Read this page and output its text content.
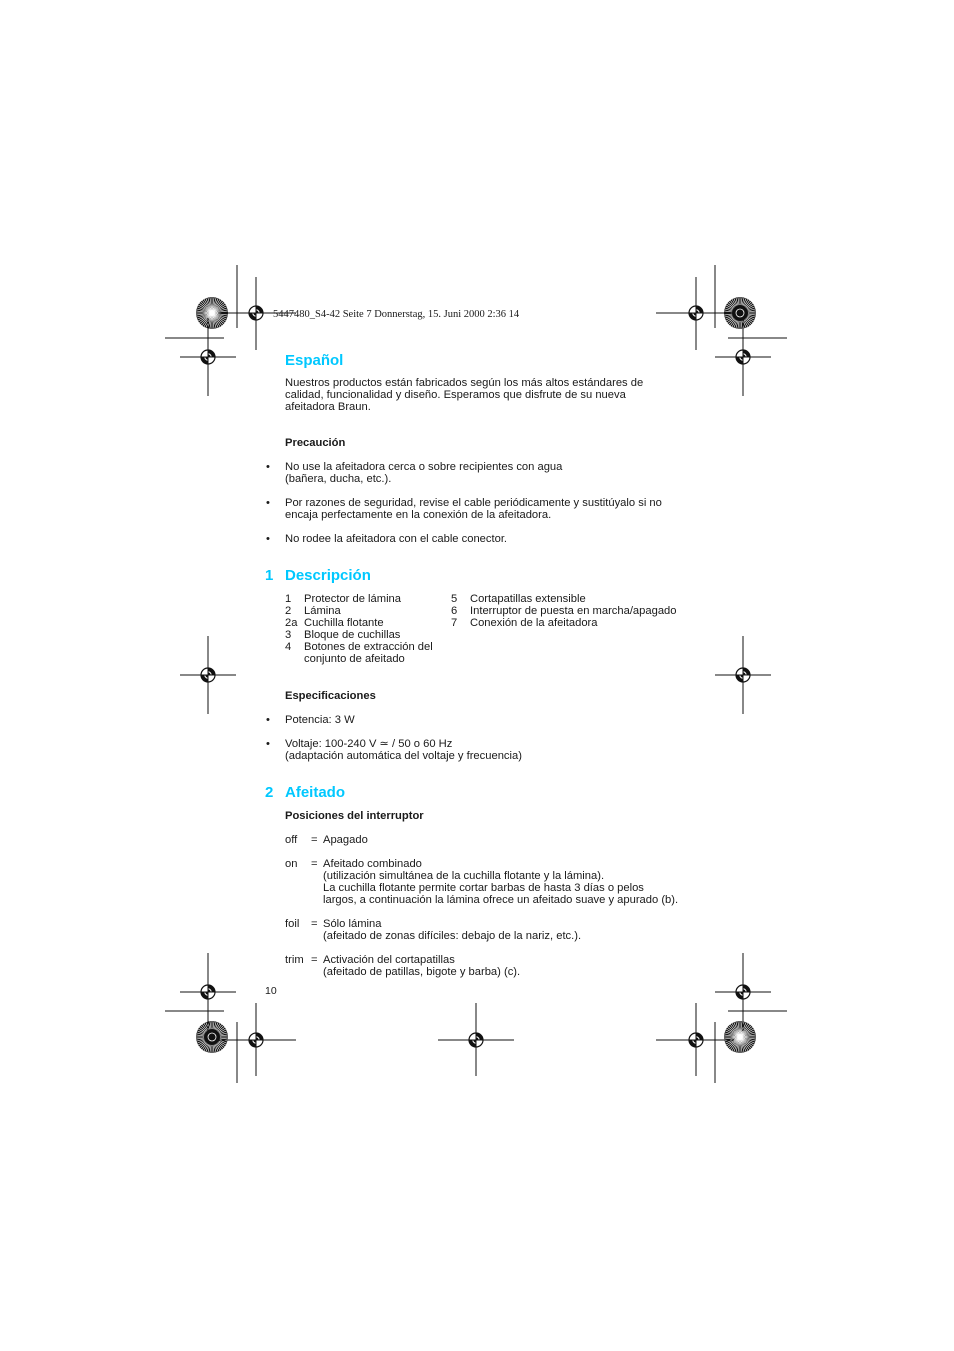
5447480_S4-42 Seite 7 Donnerstag, 15. Juni 2000 2:36 14
Español
Nuestros productos están fabricados según los más altos estándares de
calidad, funcionalidad y diseño. Esperamos que disfrute de su nueva
afeitadora Braun.
Precaución
• No use la afeitadora cerca o sobre recipientes con agua
(bañera, ducha, etc.).
• Por razones de seguridad, revise el cable periódicamente y sustitúyalo si no
encaja perfectamente en la conexión de la afeitadora.
• No rodee la afeitadora con el cable conector.
1 Descripción
1 Protector de lámina
2 Lámina
2a Cuchilla flotante
3 Bloque de cuchillas
4 Botones de extracción del
conjunto de afeitado
5 Cortapatillas extensible
6 Interruptor de puesta en marcha/apagado
7 Conexión de la afeitadora
Especificaciones
• Potencia: 3 W
• Voltaje: 100-240 V ≃ / 50 o 60 Hz
(adaptación automática del voltaje y frecuencia)
2 Afeitado
Posiciones del interruptor
off	= Apagado
on	= Afeitado combinado
(utilización simultánea de la cuchilla flotante y la lámina).
La cuchilla flotante permite cortar barbas de hasta 3 días o pelos
largos, a continuación la lámina ofrece un afeitado suave y apurado (b).
foil	= Sólo lámina
(afeitado de zonas difíciles: debajo de la nariz, etc.).
trim = Activación del cortapatillas
(afeitado de patillas, bigote y barba) (c).
10
